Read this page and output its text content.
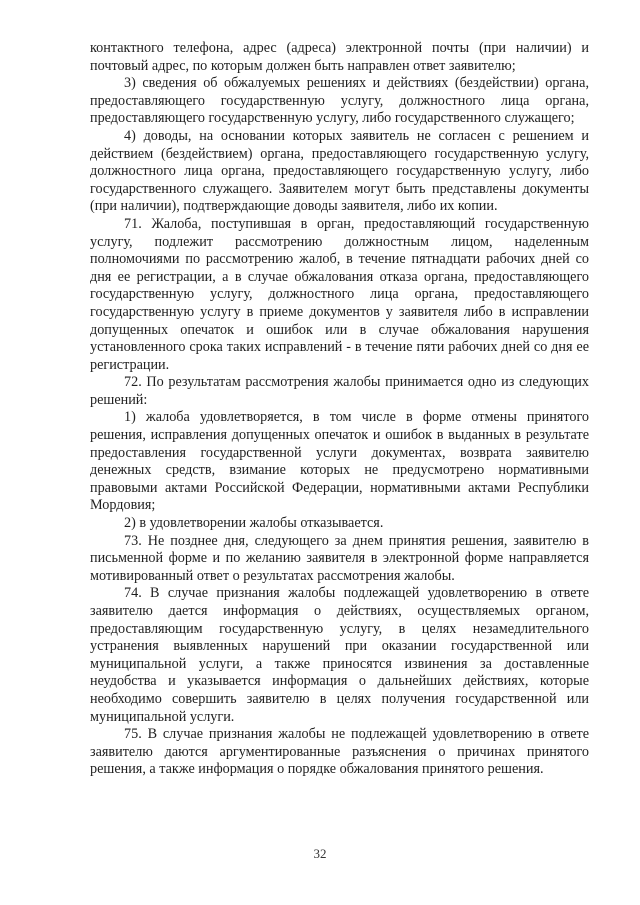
контактного телефона, адрес (адреса) электронной почты (при наличии) и почтовый адрес, по которым должен быть направлен ответ заявителю;

3) сведения об обжалуемых решениях и действиях (бездействии) органа, предоставляющего государственную услугу, должностного лица органа, предоставляющего государственную услугу, либо государственного служащего;

4) доводы, на основании которых заявитель не согласен с решением и действием (бездействием) органа, предоставляющего государственную услугу, должностного лица органа, предоставляющего государственную услугу, либо государственного служащего. Заявителем могут быть представлены документы (при наличии), подтверждающие доводы заявителя, либо их копии.

71. Жалоба, поступившая в орган, предоставляющий государственную услугу, подлежит рассмотрению должностным лицом, наделенным полномочиями по рассмотрению жалоб, в течение пятнадцати рабочих дней со дня ее регистрации, а в случае обжалования отказа органа, предоставляющего государственную услугу, должностного лица органа, предоставляющего государственную услугу в приеме документов у заявителя либо в исправлении допущенных опечаток и ошибок или в случае обжалования нарушения установленного срока таких исправлений - в течение пяти рабочих дней со дня ее регистрации.

72. По результатам рассмотрения жалобы принимается одно из следующих решений:

1) жалоба удовлетворяется, в том числе в форме отмены принятого решения, исправления допущенных опечаток и ошибок в выданных в результате предоставления государственной услуги документах, возврата заявителю денежных средств, взимание которых не предусмотрено нормативными правовыми актами Российской Федерации, нормативными актами Республики Мордовия;

2) в удовлетворении жалобы отказывается.

73. Не позднее дня, следующего за днем принятия решения, заявителю в письменной форме и по желанию заявителя в электронной форме направляется мотивированный ответ о результатах рассмотрения жалобы.

74. В случае признания жалобы подлежащей удовлетворению в ответе заявителю дается информация о действиях, осуществляемых органом, предоставляющим государственную услугу, в целях незамедлительного устранения выявленных нарушений при оказании государственной или муниципальной услуги, а также приносятся извинения за доставленные неудобства и указывается информация о дальнейших действиях, которые необходимо совершить заявителю в целях получения государственной или муниципальной услуги.

75. В случае признания жалобы не подлежащей удовлетворению в ответе заявителю даются аргументированные разъяснения о причинах принятого решения, а также информация о порядке обжалования принятого решения.

32
